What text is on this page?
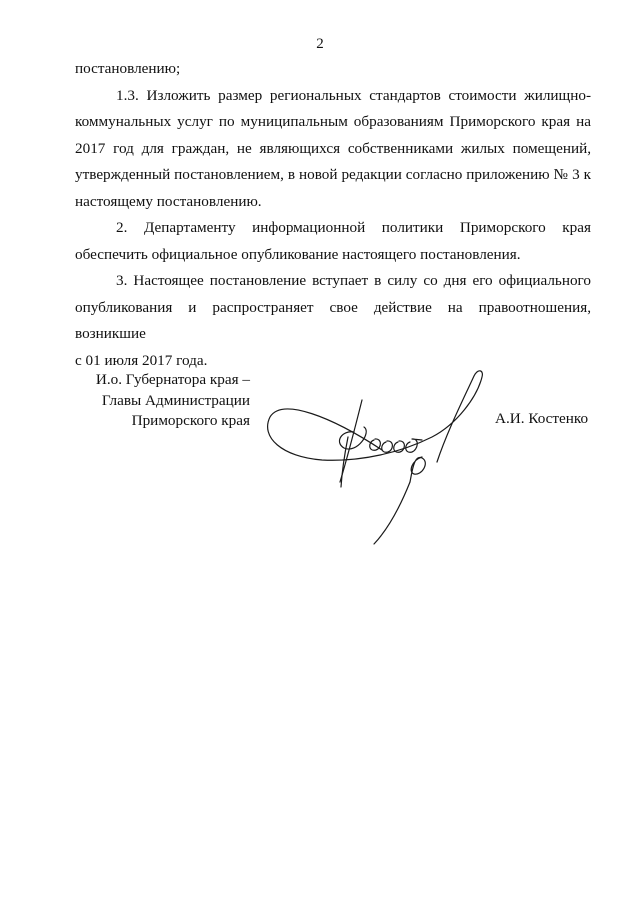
2

постановлению;

1.3. Изложить размер региональных стандартов стоимости жилищно-
коммунальных услуг по муниципальным образованиям Приморского края на
2017 год для граждан, не являющихся собственниками жилых помещений,
утвержденный постановлением, в новой редакции согласно приложению № 3 к
настоящему постановлению.

2. Департаменту информационной политики Приморского края
обеспечить официальное опубликование настоящего постановления.

3. Настоящее постановление вступает в силу со дня его официального
опубликования и распространяет свое действие на правоотношения, возникшие
с 01 июля 2017 года.

И.о. Губернатора края –
Главы Администрации
Приморского края	А.И. Костенко
